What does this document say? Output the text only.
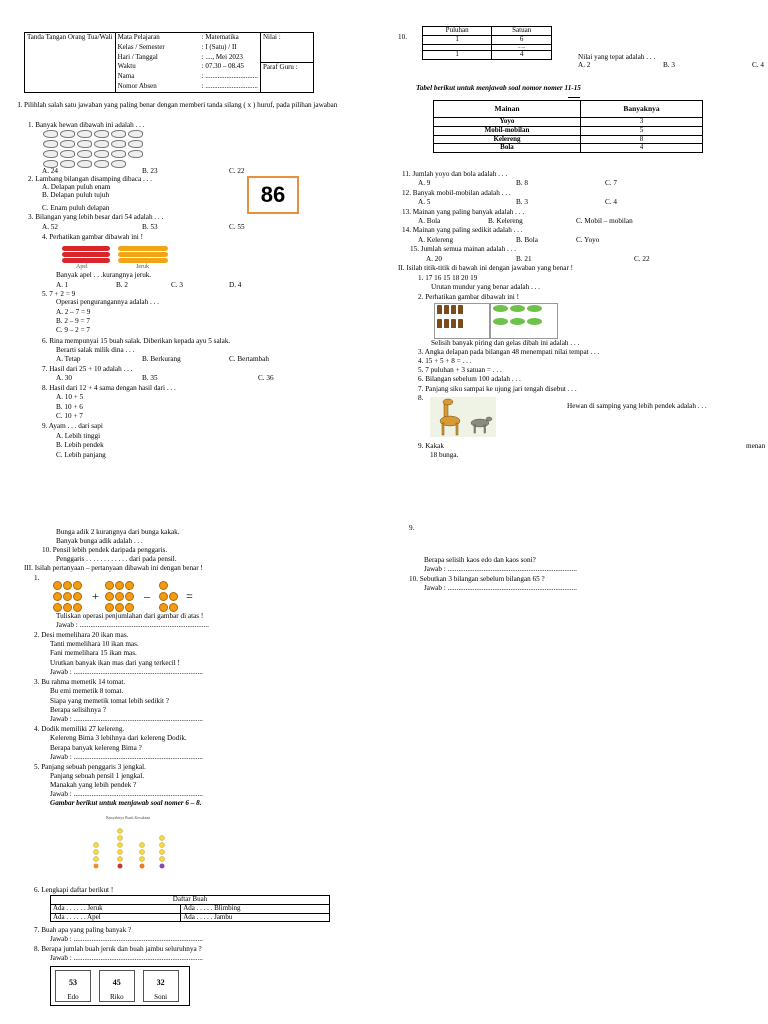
Tanda Tangan Orang Tua/Wali	Mata Pelajaran	: Matematika	Nilai :
	Kelas / Semester	: I (Satu) / II	
	Hari / Tanggal	: ...., Mei 2023	
	Waktu	: 07.30 – 08.45	Paraf Guru :
	Nama	: ..............................	
	Nomor Absen	: ..............................	
I. Pilihlah salah satu jawaban yang paling benar dengan memberi tanda silang ( x ) huruf, pada pilihan jawaban
1. Banyak hewan dibawah ini adalah . . .

A. 24	B. 23	C. 22
2. Lambang bilangan disamping dibaca . . .
A. Delapan puluh enam
B. Delapan puluh tujuh
C. Enam puluh delapan
86
3. Bilangan yang lebih besar dari 54 adalah . . .
A. 52	B. 53	C. 55
4. Perhatikan gambar dibawah ini !
Apel	Jeruk
Banyak apel . . .kurangnya jeruk.
A. 1	B. 2	C. 3	D. 4
5. 7 + 2 = 9
Operasi pengurangannya adalah . . .
A. 2 – 7 = 9
B. 2 – 9 = 7
C. 9 – 2 = 7
6. Rina mempunyai 15 buah salak. Diberikan kepada ayu 5 salak.
Berarti salak milik dina . . .
A. Tetap	B. Berkurang	C. Bertambah
7. Hasil dari 25 + 10 adalah . . .
A. 30	B. 35	C. 36
8. Hasil dari 12 + 4 sama dengan hasil dari . . .
A. 10 + 5
B. 10 + 6
C. 10 + 7
9. Ayam . . . dari sapi
A. Lebih tinggi
B. Lebih pendek
C. Lebih panjang
10.
Puluhan	Satuan
1	6
	......
1	4	Nilai yang tepat adalah . . .
A. 2	B. 3	C. 4
Tabel berikut untuk menjawab soal nomor nomer 11-15
Mainan	Banyaknya
Yoyo	3
Mobil-mobilan	5
Kelereng	8
Bola	4
11. Jumlah yoyo dan bola adalah . . .
A. 9	B. 8	C. 7
12. Banyak mobil-mobilan adalah . . .
A. 5	B. 3	C. 4
13. Mainan yang paling banyak adalah . . .
A. Bola	B. Kelereng	C. Mobil – mobilan
14. Mainan yang paling sedikit adalah . . .
A. Kelereng	B. Bola	C. Yoyo
15. Jumlah semua mainan adalah . . .
A. 20	B. 21	C. 22
II. Isilah titik-titik di bawah ini dengan jawaban yang benar !
1. 17 16 15 18 20 19
Urutan mundur yang benar adalah . . .
2. Perhatikan gambar dibawah ini !

Selisih banyak piring dan gelas dibah ini adalah . . .
3. Angka delapan pada bilangan 48 menempati nilai tempat . . .
4. 15 + 5 + 8 = . . .
5. 7 puluhan + 3 satuan = . . .
6. Bilangan sebelum 100 adalah . . .
7. Panjang siku sampai ke ujung jari tengah disebut . . .
8.
Hewan di samping yang lebih pendek adalah . . .
9. Kakak	menan
18 bunga.
Bunga adik 2 kurangnya dari bunga kakak.
Banyak bunga adik adalah . . .
10. Pensil lebih pendek daripada penggaris.
Penggaris . . . . . . . . . . . . dari pada pensil.
III. Isilah pertanyaan – pertanyaan dibawah ini dengan benar !
1.

+	–	=
Tuliskan operasi penjumlahan dari gambar di atas !
Jawab : ........................................................................
2. Desi memelihara 20 ikan mas.
Tanti memelihara 10 ikan mas.
Fani memelihara 15 ikan mas.
Urutkan banyak ikan mas dari yang terkecil !
Jawab : ........................................................................
3. Bu rahma memetik 14 tomat.
Bu emi memetik 8 tomat.
Siapa yang memetik tomat lebih sedikit ?
Berapa selisihnya ?
Jawab : ........................................................................
4. Dodik memiliki 27 kelereng.
Kelereng Bima 3 lebihnya dari kelereng Dodik.
Berapa banyak kelereng Bima ?
Jawab : ........................................................................
5. Panjang sebuah penggaris 3 jengkal.
Panjang sebuah pensil 1 jengkal.
Manakah yang lebih pendek ?
Jawab : ........................................................................
Gambar berikut untuk menjawab soal nomer 6 – 8.
Banyaknya Buah Kesukaan
6. Lengkapi daftar berikut !
Daftar Buah	
Ada . . . . . . Jeruk	Ada . . . . . Blimbing
Ada . . . . . . Apel	Ada . . . . . Jambu
7. Buah apa yang paling banyak ?
Jawab : ........................................................................
8. Berapa jumlah buah jeruk dan buah jambu seluruhnya ?
Jawab : ........................................................................
53
Edo

45
Riko

32
Soni
9.
Berapa selisih kaos edo dan kaos soni?
Jawab : ........................................................................
10. Sebutkan 3 bilangan sebelum bilangan 65 ?
Jawab : ........................................................................
